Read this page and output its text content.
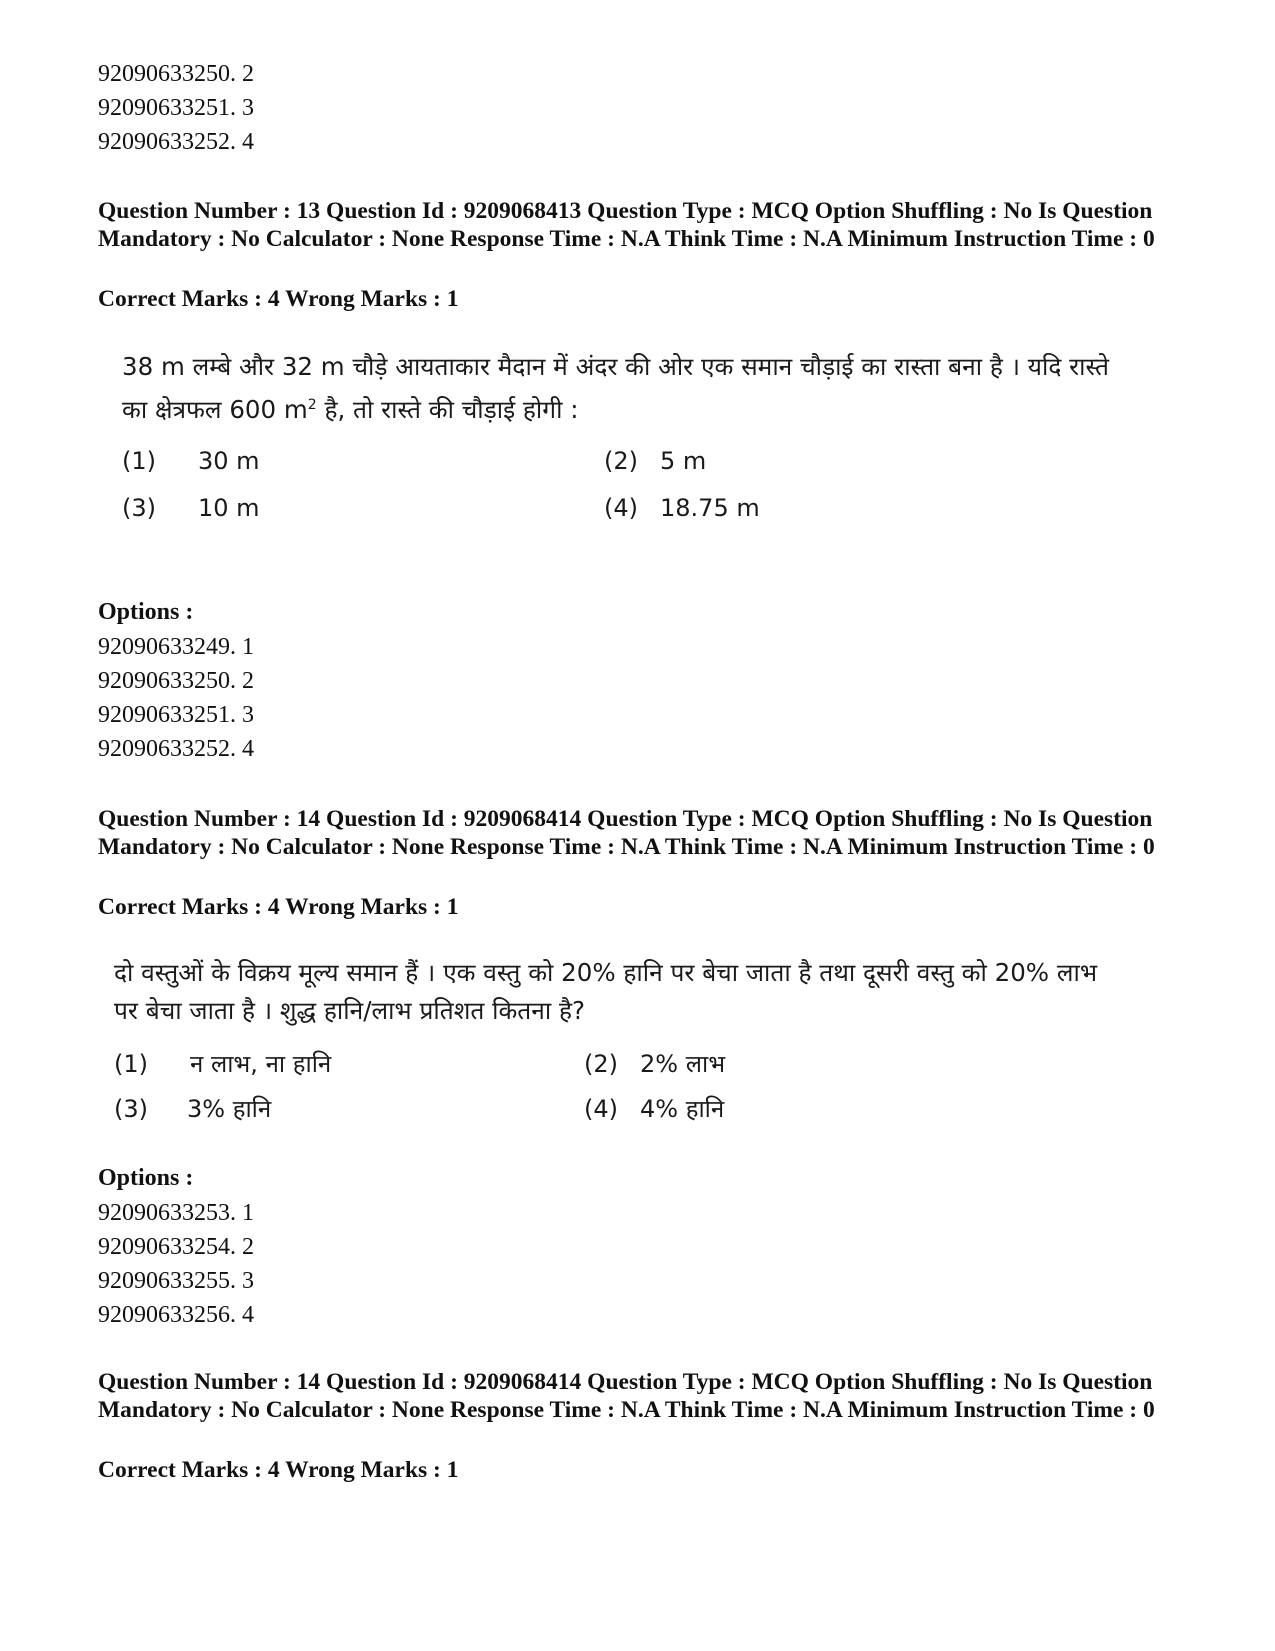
92090633250. 2
92090633251. 3
92090633252. 4
Question Number : 13 Question Id : 9209068413 Question Type : MCQ Option Shuffling : No Is Question Mandatory : No Calculator : None Response Time : N.A Think Time : N.A Minimum Instruction Time : 0
Correct Marks : 4 Wrong Marks : 1
38 m लम्बे और 32 m चौड़े आयताकार मैदान में अंदर की ओर एक समान चौड़ाई का रास्ता बना है । यदि रास्ते का क्षेत्रफल 600 $m^2$ है, तो रास्ते की चौड़ाई होगी :
(1) 30 m	(2) 5 m
(3) 10 m	(4) 18.75 m
Options :
92090633249. 1
92090633250. 2
92090633251. 3
92090633252. 4
Question Number : 14 Question Id : 9209068414 Question Type : MCQ Option Shuffling : No Is Question Mandatory : No Calculator : None Response Time : N.A Think Time : N.A Minimum Instruction Time : 0
Correct Marks : 4 Wrong Marks : 1
दो वस्तुओं के विक्रय मूल्य समान हैं । एक वस्तु को 20% हानि पर बेचा जाता है तथा दूसरी वस्तु को 20% लाभ पर बेचा जाता है । शुद्ध हानि/लाभ प्रतिशत कितना है?
(1) न लाभ, ना हानि	(2) 2% लाभ
(3) 3% हानि	(4) 4% हानि
Options :
92090633253. 1
92090633254. 2
92090633255. 3
92090633256. 4
Question Number : 14 Question Id : 9209068414 Question Type : MCQ Option Shuffling : No Is Question Mandatory : No Calculator : None Response Time : N.A Think Time : N.A Minimum Instruction Time : 0
Correct Marks : 4 Wrong Marks : 1
